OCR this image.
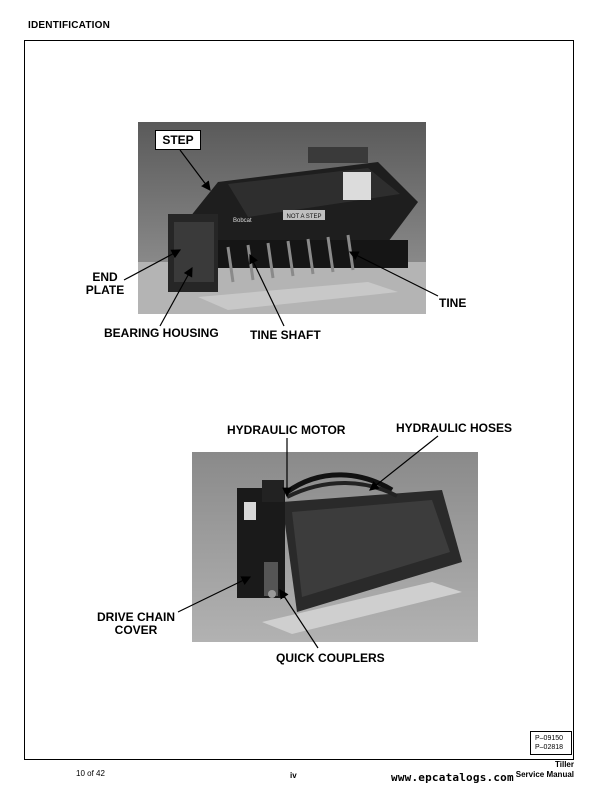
IDENTIFICATION
NOT A STEP
Bobcat
STEP
END
PLATE
BEARING HOUSING	TINE SHAFT
TINE
HYDRAULIC MOTOR	HYDRAULIC HOSES
DRIVE CHAIN
COVER
QUICK COUPLERS
P–09150
P–02818
10 of 42	iv
Tiller
Service Manual
www.epcatalogs.com
